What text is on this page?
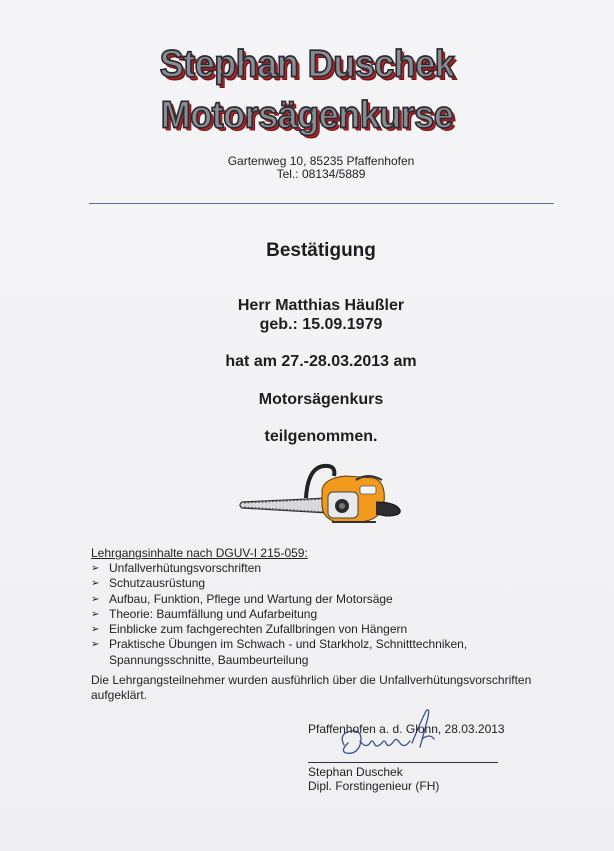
Stephan Duschek
Motorsägenkurse
Gartenweg 10, 85235 Pfaffenhofen
Tel.: 08134/5889
Bestätigung
Herr Matthias Häußler
geb.: 15.09.1979
hat am 27.-28.03.2013 am
Motorsägenkurs
teilgenommen.
Lehrgangsinhalte nach DGUV-I 215-059:
➢ Unfallverhütungsvorschriften
➢ Schutzausrüstung
➢ Aufbau, Funktion, Pflege und Wartung der Motorsäge
➢ Theorie: Baumfällung und Aufarbeitung
➢ Einblicke zum fachgerechten Zufallbringen von Hängern
➢ Praktische Übungen im Schwach - und Starkholz, Schnitttechniken,
Spannungsschnitte, Baumbeurteilung
Die Lehrgangsteilnehmer wurden ausführlich über die Unfallverhütungsvorschriften aufgeklärt.
Pfaffenhofen a. d. Glonn, 28.03.2013
Stephan Duschek
Dipl. Forstingenieur (FH)
